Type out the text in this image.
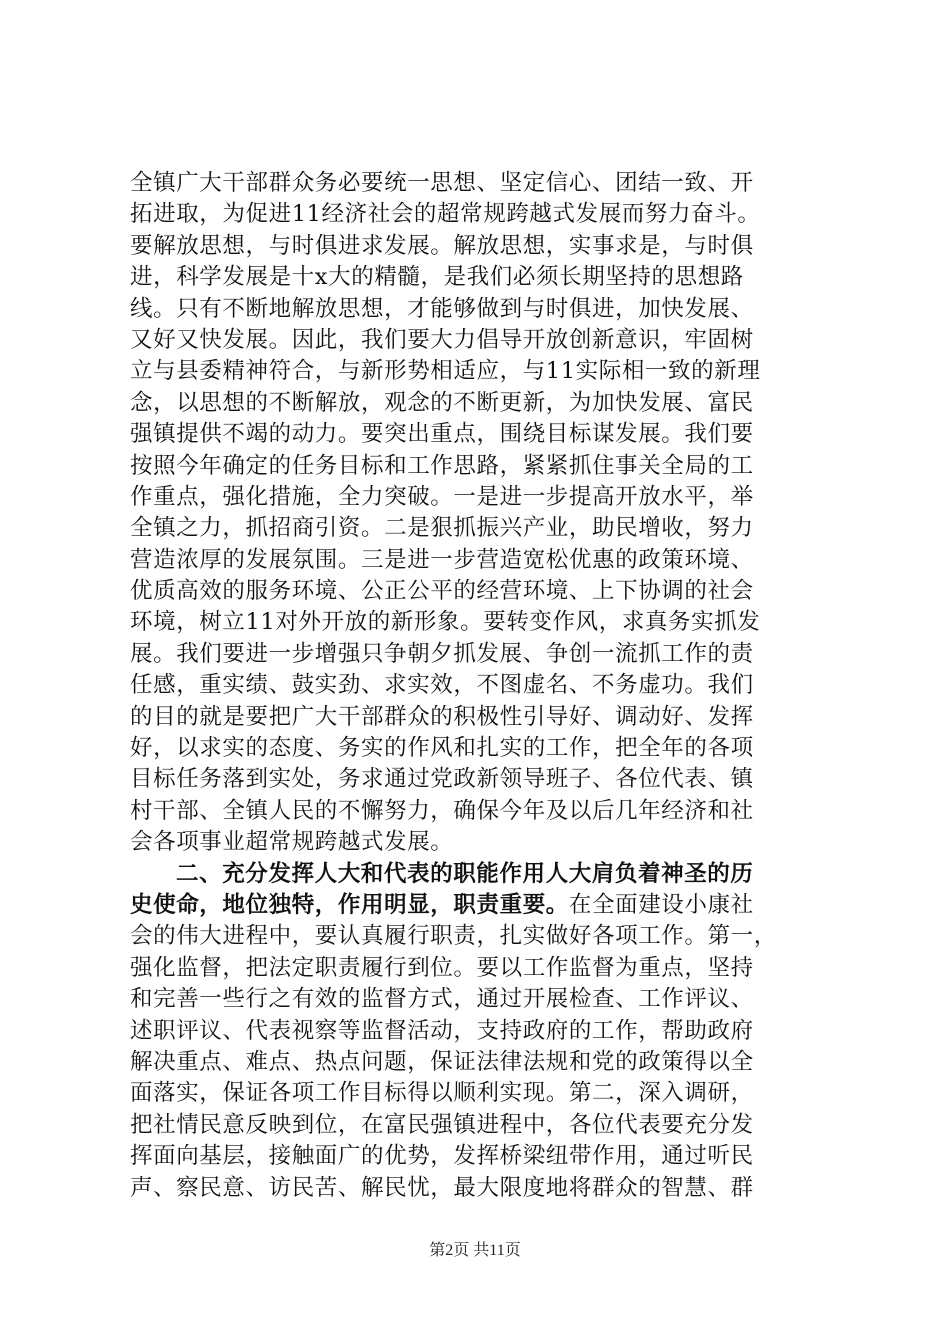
全镇广大干部群众务必要统一思想、坚定信心、团结一致、开
拓进取，为促进11经济社会的超常规跨越式发展而努力奋斗。
要解放思想，与时俱进求发展。解放思想，实事求是，与时俱
进，科学发展是十x大的精髓，是我们必须长期坚持的思想路
线。只有不断地解放思想，才能够做到与时俱进，加快发展、
又好又快发展。因此，我们要大力倡导开放创新意识，牢固树
立与县委精神符合，与新形势相适应，与11实际相一致的新理
念，以思想的不断解放，观念的不断更新，为加快发展、富民
强镇提供不竭的动力。要突出重点，围绕目标谋发展。我们要
按照今年确定的任务目标和工作思路，紧紧抓住事关全局的工
作重点，强化措施，全力突破。一是进一步提高开放水平，举
全镇之力，抓招商引资。二是狠抓振兴产业，助民增收，努力
营造浓厚的发展氛围。三是进一步营造宽松优惠的政策环境、
优质高效的服务环境、公正公平的经营环境、上下协调的社会
环境，树立11对外开放的新形象。要转变作风，求真务实抓发
展。我们要进一步增强只争朝夕抓发展、争创一流抓工作的责
任感，重实绩、鼓实劲、求实效，不图虚名、不务虚功。我们
的目的就是要把广大干部群众的积极性引导好、调动好、发挥
好，以求实的态度、务实的作风和扎实的工作，把全年的各项
目标任务落到实处，务求通过党政新领导班子、各位代表、镇
村干部、全镇人民的不懈努力，确保今年及以后几年经济和社
会各项事业超常规跨越式发展。
二、充分发挥人大和代表的职能作用人大肩负着神圣的历
史使命，地位独特，作用明显，职责重要。在全面建设小康社
会的伟大进程中，要认真履行职责，扎实做好各项工作。第一，
强化监督，把法定职责履行到位。要以工作监督为重点，坚持
和完善一些行之有效的监督方式，通过开展检查、工作评议、
述职评议、代表视察等监督活动，支持政府的工作，帮助政府
解决重点、难点、热点问题，保证法律法规和党的政策得以全
面落实，保证各项工作目标得以顺利实现。第二，深入调研，
把社情民意反映到位，在富民强镇进程中，各位代表要充分发
挥面向基层，接触面广的优势，发挥桥梁纽带作用，通过听民
声、察民意、访民苦、解民忧，最大限度地将群众的智慧、群
第2页 共11页
